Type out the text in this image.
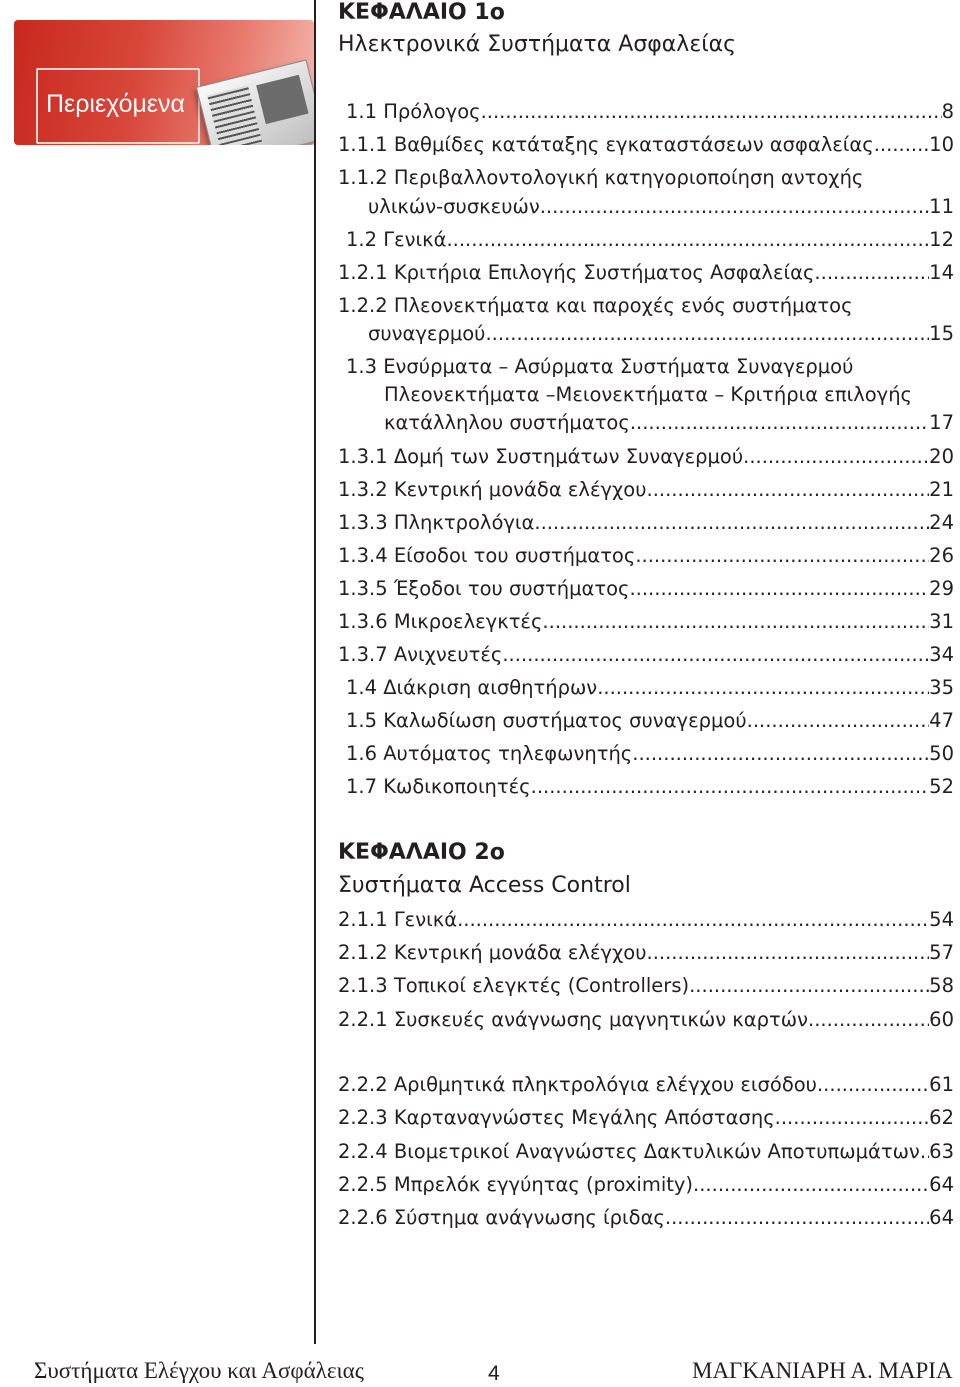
Περιεχόμενα
ΚΕΦΑΛΑΙΟ 1ο
Ηλεκτρονικά Συστήματα Ασφαλείας
1.1 Πρόλογος .....	8
1.1.1 Βαθμίδες κατάταξης εγκαταστάσεων ασφαλείας .....	10
1.1.2 Περιβαλλοντολογική κατηγοριοποίηση αντοχής
υλικών-συσκευών .....	11
1.2 Γενικά .....	12
1.2.1 Κριτήρια Επιλογής Συστήματος Ασφαλείας .....	14
1.2.2 Πλεονεκτήματα και παροχές ενός συστήματος
συναγερμού .....	15
1.3 Ενσύρματα – Ασύρματα Συστήματα Συναγερμού
Πλεονεκτήματα –Μειονεκτήματα – Κριτήρια επιλογής
κατάλληλου συστήματος .....	17
1.3.1 Δομή των Συστημάτων Συναγερμού .....	20
1.3.2 Κεντρική μονάδα ελέγχου .....	21
1.3.3 Πληκτρολόγια .....	24
1.3.4 Είσοδοι του συστήματος .....	26
1.3.5 Έξοδοι του συστήματος .....	29
1.3.6 Μικροελεγκτές .....	31
1.3.7 Ανιχνευτές .....	34
1.4 Διάκριση αισθητήρων .....	35
1.5 Καλωδίωση συστήματος συναγερμού .....	47
1.6 Αυτόματος τηλεφωνητής .....	50
1.7 Κωδικοποιητές .....	52
ΚΕΦΑΛΑΙΟ 2ο
Συστήματα Access Control
2.1.1 Γενικά .....	54
2.1.2 Κεντρική μονάδα ελέγχου .....	57
2.1.3 Τοπικοί ελεγκτές (Controllers) .....	58
2.2.1 Συσκευές ανάγνωσης μαγνητικών καρτών .....	60
2.2.2 Αριθμητικά πληκτρολόγια ελέγχου εισόδου .....	61
2.2.3 Καρταναγνώστες Μεγάλης Απόστασης .....	62
2.2.4 Βιομετρικοί Αναγνώστες Δακτυλικών Αποτυπωμάτων ..... 63
2.2.5 Μπρελόκ εγγύητας (proximity) .....	64
2.2.6 Σύστημα ανάγνωσης ίριδας .....	64
Συστήματα Ελέγχου και Ασφάλειας	4	ΜΑΓΚΑΝΙΑΡΗ Α. ΜΑΡΙΑ
